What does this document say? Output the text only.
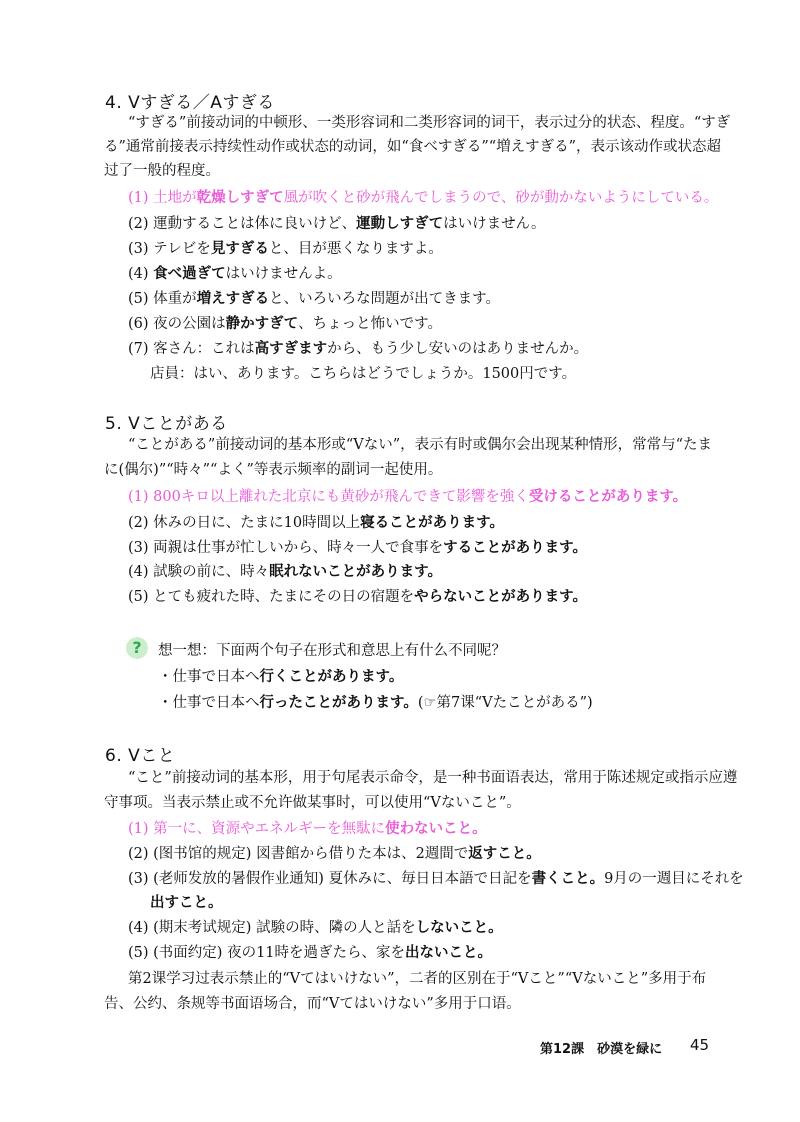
4. Vすぎる／Aすぎる
“すぎる”前接动词的中顿形、一类形容词和二类形容词的词干，表示过分的状态、程度。“すぎ
る”通常前接表示持续性动作或状态的动词，如“食べすぎる”“増えすぎる”，表示该动作或状态超
过了一般的程度。
(1) 土地が乾燥しすぎて風が吹くと砂が飛んでしまうので、砂が動かないようにしている。
(2) 運動することは体に良いけど、運動しすぎてはいけません。
(3) テレビを見すぎると、目が悪くなりますよ。
(4) 食べ過ぎてはいけませんよ。
(5) 体重が増えすぎると、いろいろな問題が出てきます。
(6) 夜の公園は静かすぎて、ちょっと怖いです。
(7) 客さん：これは高すぎますから、もう少し安いのはありませんか。
店員：はい、あります。こちらはどうでしょうか。1500円です。
5. Vことがある
“ことがある”前接动词的基本形或“Vない”，表示有时或偶尔会出现某种情形，常常与“たま
に(偶尔)”“時々”“よく”等表示频率的副词一起使用。
(1) 800キロ以上離れた北京にも黄砂が飛んできて影響を強く受けることがあります。
(2) 休みの日に、たまに10時間以上寝ることがあります。
(3) 両親は仕事が忙しいから、時々一人で食事をすることがあります。
(4) 試験の前に、時々眠れないことがあります。
(5) とても疲れた時、たまにその日の宿題をやらないことがあります。
?	想一想：下面两个句子在形式和意思上有什么不同呢？
・仕事で日本へ行くことがあります。
・仕事で日本へ行ったことがあります。(☞第7课“Vたことがある”)
6. Vこと
“こと”前接动词的基本形，用于句尾表示命令，是一种书面语表达，常用于陈述规定或指示应遵
守事项。当表示禁止或不允许做某事时，可以使用“Vないこと”。
(1) 第一に、資源やエネルギーを無駄に使わないこと。
(2) (图书馆的规定) 図書館から借りた本は、2週間で返すこと。
(3) (老师发放的暑假作业通知) 夏休みに、毎日日本語で日記を書くこと。9月の一週目にそれを
出すこと。
(4) (期末考试规定) 試験の時、隣の人と話をしないこと。
(5) (书面约定) 夜の11時を過ぎたら、家を出ないこと。
第2课学习过表示禁止的“Vてはいけない”，二者的区别在于“Vこと”“Vないこと”多用于布
告、公约、条规等书面语场合，而“Vてはいけない”多用于口语。
第12課　砂漠を緑に 45
